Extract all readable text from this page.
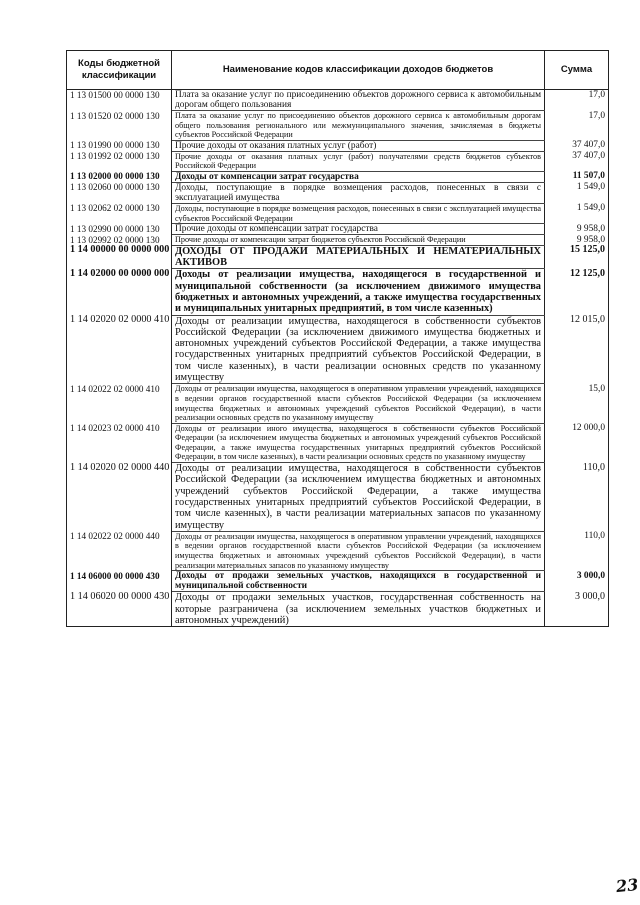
Коды бюджетной классификации	Наименование кодов классификации доходов бюджетов	Сумма
1 13 01500 00 0000 130	Плата за оказание услуг по присоединению объектов дорожного сервиса к автомобильным дорогам общего пользования	17,0
1 13 01520 02 0000 130	Плата за оказание услуг по присоединению объектов дорожного сервиса к автомобильным дорогам общего пользования регионального или межмуниципального значения, зачисляемая в бюджеты субъектов Российской Федерации	17,0
1 13 01990 00 0000 130	Прочие доходы от оказания платных услуг (работ)	37 407,0
1 13 01992 02 0000 130	Прочие доходы от оказания платных услуг (работ) получателями средств бюджетов субъектов Российской Федерации	37 407,0
1 13 02000 00 0000 130	Доходы от компенсации затрат государства	11 507,0
1 13 02060 00 0000 130	Доходы, поступающие в порядке возмещения расходов, понесенных в связи с эксплуатацией имущества	1 549,0
1 13 02062 02 0000 130	Доходы, поступающие в порядке возмещения расходов, понесенных в связи с эксплуатацией имущества субъектов Российской Федерации	1 549,0
1 13 02990 00 0000 130	Прочие доходы от компенсации затрат государства	9 958,0
1 13 02992 02 0000 130	Прочие доходы от компенсации затрат бюджетов субъектов Российской Федерации	9 958,0
1 14 00000 00 0000 000	ДОХОДЫ ОТ ПРОДАЖИ МАТЕРИАЛЬНЫХ И НЕМАТЕРИАЛЬНЫХ АКТИВОВ	15 125,0
1 14 02000 00 0000 000	Доходы от реализации имущества, находящегося в государственной и муниципальной собственности (за исключением движимого имущества бюджетных и автономных учреждений, а также имущества государственных и муниципальных унитарных предприятий, в том числе казенных)	12 125,0
1 14 02020 02 0000 410	Доходы от реализации имущества, находящегося в собственности субъектов Российской Федерации (за исключением движимого имущества бюджетных и автономных учреждений субъектов Российской Федерации, а также имущества государственных унитарных предприятий субъектов Российской Федерации, в том числе казенных), в части реализации основных средств по указанному имуществу	12 015,0
1 14 02022 02 0000 410	Доходы от реализации имущества, находящегося в оперативном управлении учреждений, находящихся в ведении органов государственной власти субъектов Российской Федерации (за исключением имущества бюджетных и автономных учреждений субъектов Российской Федерации), в части реализации основных средств по указанному имуществу	15,0
1 14 02023 02 0000 410	Доходы от реализации иного имущества, находящегося в собственности субъектов Российской Федерации (за исключением имущества бюджетных и автономных учреждений субъектов Российской Федерации, а также имущества государственных унитарных предприятий субъектов Российской Федерации, в том числе казенных), в части реализации основных средств по указанному имуществу	12 000,0
1 14 02020 02 0000 440	Доходы от реализации имущества, находящегося в собственности субъектов Российской Федерации (за исключением имущества бюджетных и автономных учреждений субъектов Российской Федерации, а также имущества государственных унитарных предприятий субъектов Российской Федерации, в том числе казенных), в части реализации материальных запасов по указанному имуществу	110,0
1 14 02022 02 0000 440	Доходы от реализации имущества, находящегося в оперативном управлении учреждений, находящихся в ведении органов государственной власти субъектов Российской Федерации (за исключением имущества бюджетных и автономных учреждений субъектов Российской Федерации), в части реализации материальных запасов по указанному имуществу	110,0
1 14 06000 00 0000 430	Доходы от продажи земельных участков, находящихся в государственной и муниципальной собственности	3 000,0
1 14 06020 00 0000 430	Доходы от продажи земельных участков, государственная собственность на которые разграничена (за исключением земельных участков бюджетных и автономных учреждений)	3 000,0
23
